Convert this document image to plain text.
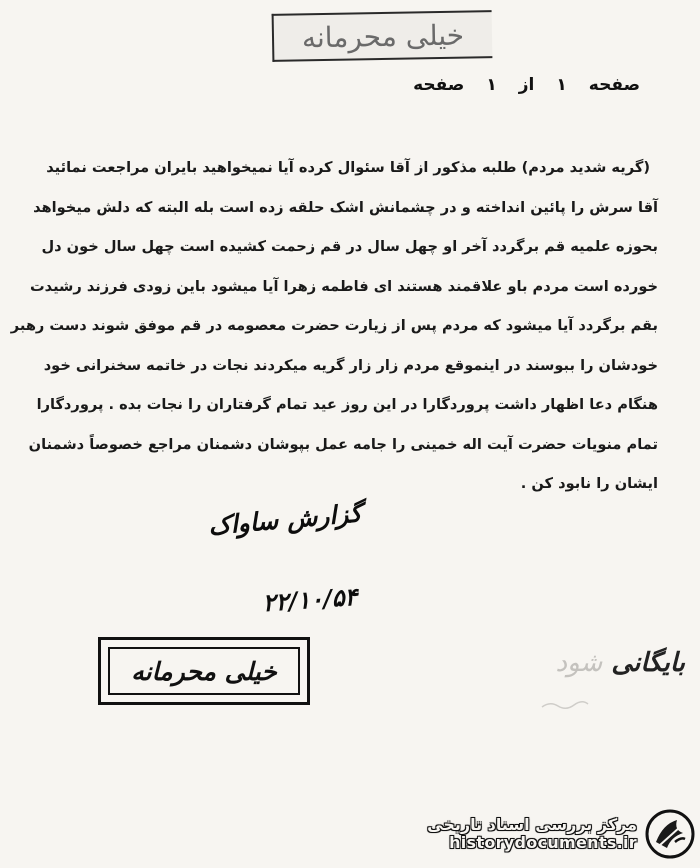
خیلی محرمانه
صفحه
۱
از
۱
صفحه
(گریه شدید مردم) طلبه مذکور از آقا سئوال کرده آیا نمیخواهید بایران مراجعت نمائید
آقا سرش را پائین انداخته و در چشمانش اشک حلقه زده است بله البته که دلش میخواهد
بحوزه علمیه قم برگردد آخر او چهل سال در قم زحمت کشیده است چهل سال خون دل
خورده است مردم باو علاقمند هستند ای فاطمه زهرا آیا میشود باین زودی فرزند رشیدت
بقم برگردد آیا میشود که مردم پس از زیارت حضرت معصومه در قم موفق شوند دست رهبر
خودشان را ببوسند در اینموقع مردم زار زار گریه میکردند نجات در خاتمه سخنرانی خود
هنگام دعا اظهار داشت پروردگارا در این روز عید تمام گرفتاران را نجات بده . پروردگارا
تمام منویات حضرت آیت اله خمینی را جامه عمل بپوشان دشمنان مراجع خصوصاً دشمنان
ایشان را نابود کن .
گزارش ساواک
۲۲/۱۰/۵۴
خیلی محرمانه	بایگانی شود
مرکز بررسی اسناد تاریخی
historydocuments.ir
